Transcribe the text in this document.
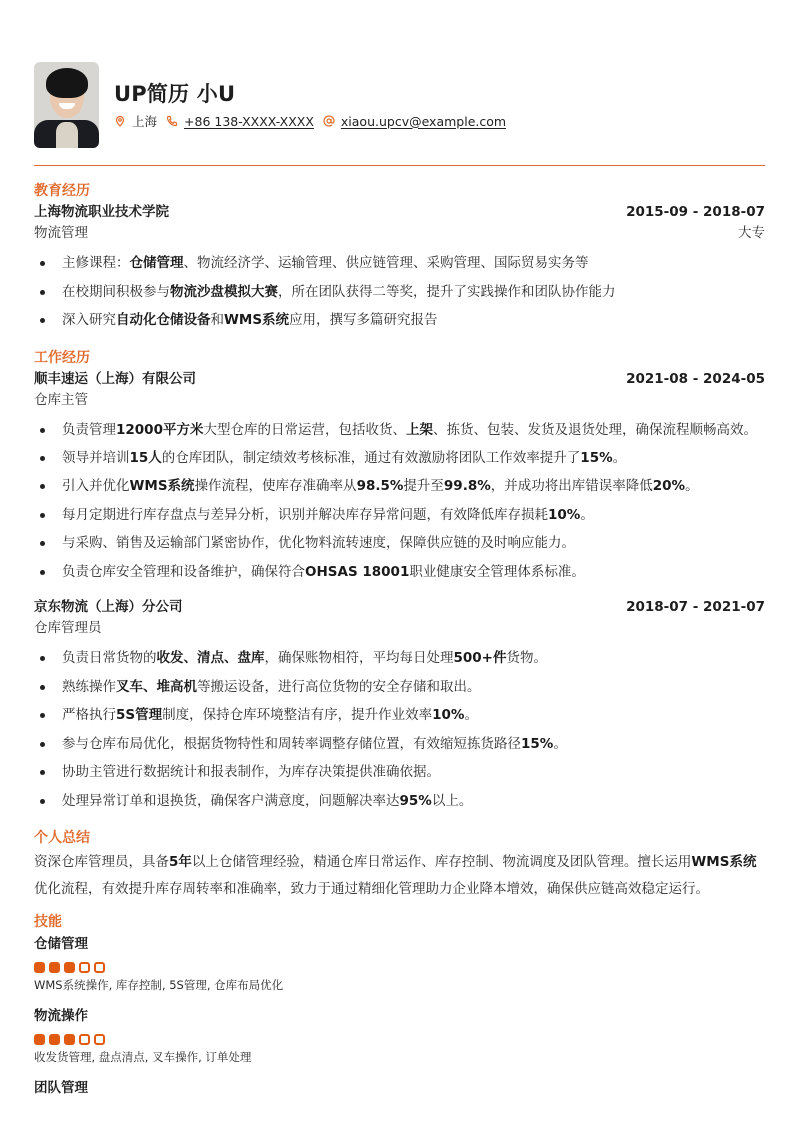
UP简历 小U
上海 +86 138-XXXX-XXXX xiaou.upcv@example.com
教育经历
上海物流职业技术学院	2015-09 - 2018-07
物流管理	大专
主修课程：仓储管理、物流经济学、运输管理、供应链管理、采购管理、国际贸易实务等
在校期间积极参与物流沙盘模拟大赛，所在团队获得二等奖，提升了实践操作和团队协作能力
深入研究自动化仓储设备和WMS系统应用，撰写多篇研究报告
工作经历
顺丰速运（上海）有限公司	2021-08 - 2024-05
仓库主管
负责管理12000平方米大型仓库的日常运营，包括收货、上架、拣货、包装、发货及退货处理，确保流程顺畅高效。
领导并培训15人的仓库团队，制定绩效考核标准，通过有效激励将团队工作效率提升了15%。
引入并优化WMS系统操作流程，使库存准确率从98.5%提升至99.8%，并成功将出库错误率降低20%。
每月定期进行库存盘点与差异分析，识别并解决库存异常问题，有效降低库存损耗10%。
与采购、销售及运输部门紧密协作，优化物料流转速度，保障供应链的及时响应能力。
负责仓库安全管理和设备维护，确保符合OHSAS 18001职业健康安全管理体系标准。
京东物流（上海）分公司	2018-07 - 2021-07
仓库管理员
负责日常货物的收发、清点、盘库，确保账物相符，平均每日处理500+件货物。
熟练操作叉车、堆高机等搬运设备，进行高位货物的安全存储和取出。
严格执行5S管理制度，保持仓库环境整洁有序，提升作业效率10%。
参与仓库布局优化，根据货物特性和周转率调整存储位置，有效缩短拣货路径15%。
协助主管进行数据统计和报表制作，为库存决策提供准确依据。
处理异常订单和退换货，确保客户满意度，问题解决率达95%以上。
个人总结

资深仓库管理员，具备5年以上仓储管理经验，精通仓库日常运作、库存控制、物流调度及团队管理。擅长运用WMS系统优化流程，有效提升库存周转率和准确率，致力于通过精细化管理助力企业降本增效，确保供应链高效稳定运行。

技能
仓储管理
WMS系统操作, 库存控制, 5S管理, 仓库布局优化
物流操作
收发货管理, 盘点清点, 叉车操作, 订单处理
团队管理
